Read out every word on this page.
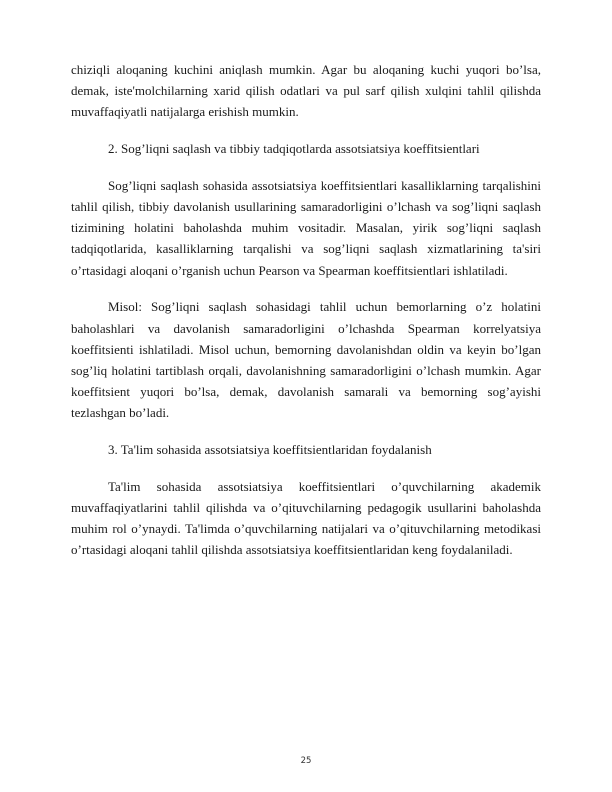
chiziqli aloqaning kuchini aniqlash mumkin. Agar bu aloqaning kuchi yuqori bo’lsa, demak, iste'molchilarning xarid qilish odatlari va pul sarf qilish xulqini tahlil qilishda muvaffaqiyatli natijalarga erishish mumkin.

2. Sog’liqni saqlash va tibbiy tadqiqotlarda assotsiatsiya koeffitsientlari

Sog’liqni saqlash sohasida assotsiatsiya koeffitsientlari kasalliklarning tarqalishini tahlil qilish, tibbiy davolanish usullarining samaradorligini o’lchash va sog’liqni saqlash tizimining holatini baholashda muhim vositadir. Masalan, yirik sog’liqni saqlash tadqiqotlarida, kasalliklarning tarqalishi va sog’liqni saqlash xizmatlarining ta'siri o’rtasidagi aloqani o’rganish uchun Pearson va Spearman koeffitsientlari ishlatiladi.

Misol: Sog’liqni saqlash sohasidagi tahlil uchun bemorlarning o’z holatini baholashlari va davolanish samaradorligini o’lchashda Spearman korrelyatsiya koeffitsienti ishlatiladi. Misol uchun, bemorning davolanishdan oldin va keyin bo’lgan sog’liq holatini tartiblash orqali, davolanishning samaradorligini o’lchash mumkin. Agar koeffitsient yuqori bo’lsa, demak, davolanish samarali va bemorning sog’ayishi tezlashgan bo’ladi.

3. Ta'lim sohasida assotsiatsiya koeffitsientlaridan foydalanish

Ta'lim sohasida assotsiatsiya koeffitsientlari o’quvchilarning akademik muvaffaqiyatlarini tahlil qilishda va o’qituvchilarning pedagogik usullarini baholashda muhim rol o’ynaydi. Ta'limda o’quvchilarning natijalari va o’qituvchilarning metodikasi o’rtasidagi aloqani tahlil qilishda assotsiatsiya koeffitsientlaridan keng foydalaniladi.

25
